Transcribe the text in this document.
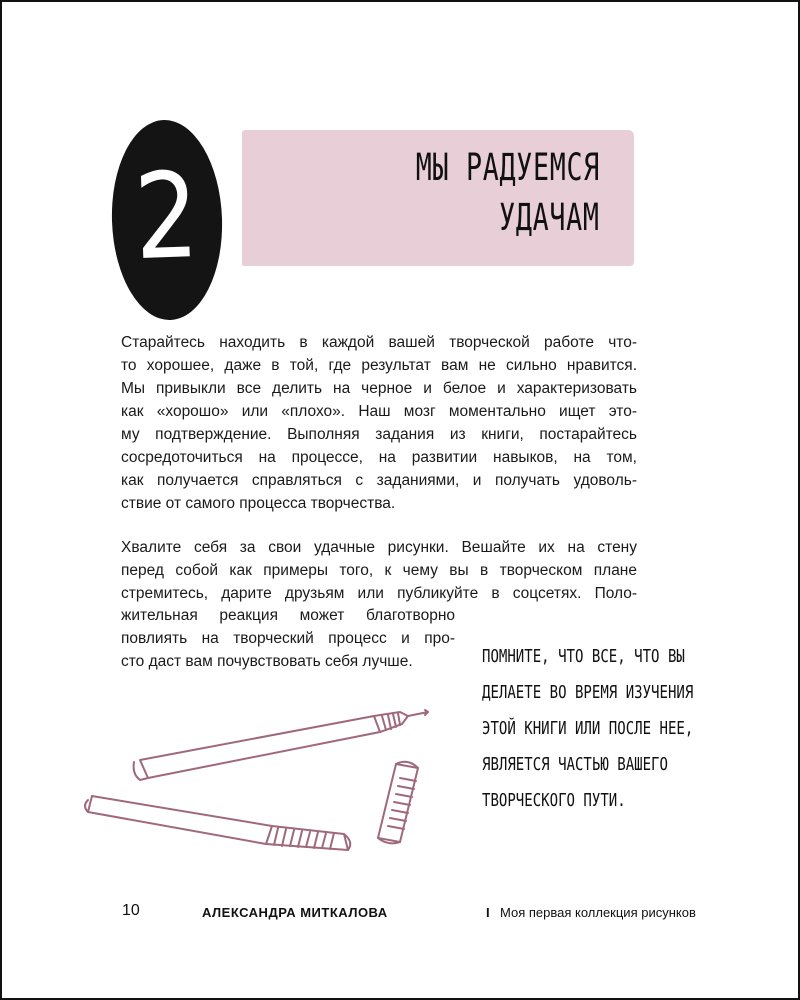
2	МЫ РАДУЕМСЯ
УДАЧАМ
Старайтесь находить в каждой вашей творческой работе что-
то хорошее, даже в той, где результат вам не сильно нравится.
Мы привыкли все делить на черное и белое и характеризовать
как «хорошо» или «плохо». Наш мозг моментально ищет это-
му подтверждение. Выполняя задания из книги, постарайтесь
сосредоточиться на процессе, на развитии навыков, на том,
как получается справляться с заданиями, и получать удоволь-
ствие от самого процесса творчества.
Хвалите себя за свои удачные рисунки. Вешайте их на стену
перед собой как примеры того, к чему вы в творческом плане
стремитесь, дарите друзьям или публикуйте в соцсетях. Поло-
жительная реакция может благотворно
повлиять на творческий процесс и про-
сто даст вам почувствовать себя лучше.	ПОМНИТЕ, ЧТО ВСЕ, ЧТО ВЫ
ДЕЛАЕТЕ ВО ВРЕМЯ ИЗУЧЕНИЯ
ЭТОЙ КНИГИ ИЛИ ПОСЛЕ НЕЕ,
ЯВЛЯЕТСЯ ЧАСТЬЮ ВАШЕГО
ТВОРЧЕСКОГО ПУТИ.
10	АЛЕКСАНДРА МИТКАЛОВА	I Моя первая коллекция рисунков
